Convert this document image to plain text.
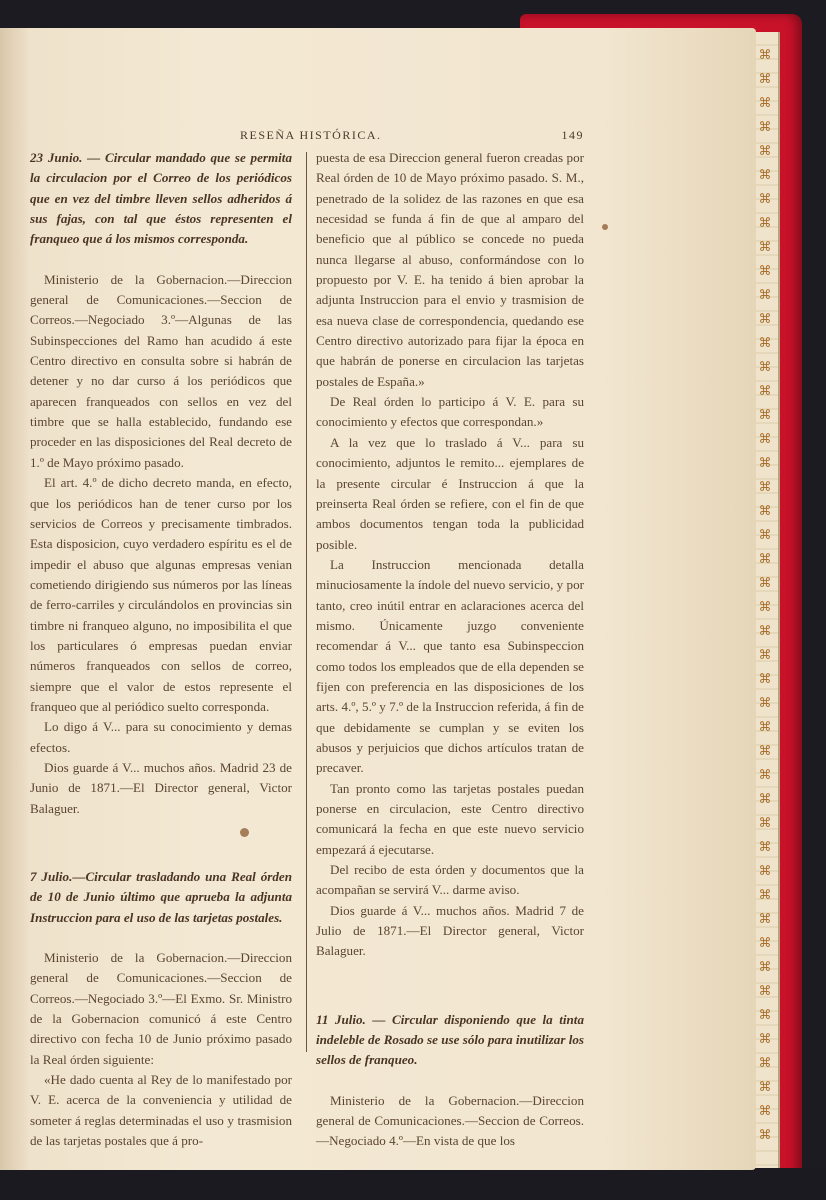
⌘
⌘
⌘
⌘
⌘
⌘
⌘
⌘
⌘
⌘
⌘
⌘
⌘
⌘
⌘
⌘
⌘
⌘
⌘
⌘
⌘
⌘
⌘
⌘
⌘
⌘
⌘
⌘
⌘
⌘
⌘
⌘
⌘
⌘
⌘
⌘
⌘
⌘
⌘
⌘
⌘
⌘
⌘
⌘
⌘
⌘
RESEÑA HISTÓRICA.	149

23 Junio. — Circular mandado que se permita la circulacion por el Correo de los periódicos que en vez del timbre lleven sellos adheridos á sus fajas, con tal que éstos representen el franqueo que á los mismos corresponda.

Ministerio de la Gobernacion.—Direccion general de Comunicaciones.—Seccion de Correos.—Negociado 3.º—Algunas de las Subinspecciones del Ramo han acudido á este Centro directivo en consulta sobre si habrán de detener y no dar curso á los periódicos que aparecen franqueados con sellos en vez del timbre que se halla establecido, fundando ese proceder en las disposiciones del Real decreto de 1.º de Mayo próximo pasado.

El art. 4.º de dicho decreto manda, en efecto, que los periódicos han de tener curso por los servicios de Correos y precisamente timbrados. Esta disposicion, cuyo verdadero espíritu es el de impedir el abuso que algunas empresas venian cometiendo dirigiendo sus números por las líneas de ferro-carriles y circulándolos en provincias sin timbre ni franqueo alguno, no imposibilita el que los particulares ó empresas puedan enviar números franqueados con sellos de correo, siempre que el valor de estos represente el franqueo que al periódico suelto corresponda.

Lo digo á V... para su conocimiento y demas efectos.

Dios guarde á V... muchos años. Madrid 23 de Junio de 1871.—El Director general, Victor Balaguer.

7 Julio.—Circular trasladando una Real órden de 10 de Junio último que aprueba la adjunta Instruccion para el uso de las tarjetas postales.

Ministerio de la Gobernacion.—Direccion general de Comunicaciones.—Seccion de Correos.—Negociado 3.º—El Exmo. Sr. Ministro de la Gobernacion comunicó á este Centro directivo con fecha 10 de Junio próximo pasado la Real órden siguiente:

«He dado cuenta al Rey de lo manifestado por V. E. acerca de la conveniencia y utilidad de someter á reglas determinadas el uso y trasmision de las tarjetas postales que á pro-

puesta de esa Direccion general fueron creadas por Real órden de 10 de Mayo próximo pasado. S. M., penetrado de la solidez de las razones en que esa necesidad se funda á fin de que al amparo del beneficio que al público se concede no pueda nunca llegarse al abuso, conformándose con lo propuesto por V. E. ha tenido á bien aprobar la adjunta Instruccion para el envio y trasmision de esa nueva clase de correspondencia, quedando ese Centro directivo autorizado para fijar la época en que habrán de ponerse en circulacion las tarjetas postales de España.»

De Real órden lo participo á V. E. para su conocimiento y efectos que correspondan.»

A la vez que lo traslado á V... para su conocimiento, adjuntos le remito... ejemplares de la presente circular é Instruccion á que la preinserta Real órden se refiere, con el fin de que ambos documentos tengan toda la publicidad posible.

La Instruccion mencionada detalla minuciosamente la índole del nuevo servicio, y por tanto, creo inútil entrar en aclaraciones acerca del mismo. Únicamente juzgo conveniente recomendar á V... que tanto esa Subinspeccion como todos los empleados que de ella dependen se fijen con preferencia en las disposiciones de los arts. 4.º, 5.º y 7.º de la Instruccion referida, á fin de que debidamente se cumplan y se eviten los abusos y perjuicios que dichos artículos tratan de precaver.

Tan pronto como las tarjetas postales puedan ponerse en circulacion, este Centro directivo comunicará la fecha en que este nuevo servicio empezará á ejecutarse.

Del recibo de esta órden y documentos que la acompañan se servirá V... darme aviso.

Dios guarde á V... muchos años. Madrid 7 de Julio de 1871.—El Director general, Victor Balaguer.

11 Julio. — Circular disponiendo que la tinta indeleble de Rosado se use sólo para inutilizar los sellos de franqueo.

Ministerio de la Gobernacion.—Direccion general de Comunicaciones.—Seccion de Correos.—Negociado 4.º—En vista de que los
